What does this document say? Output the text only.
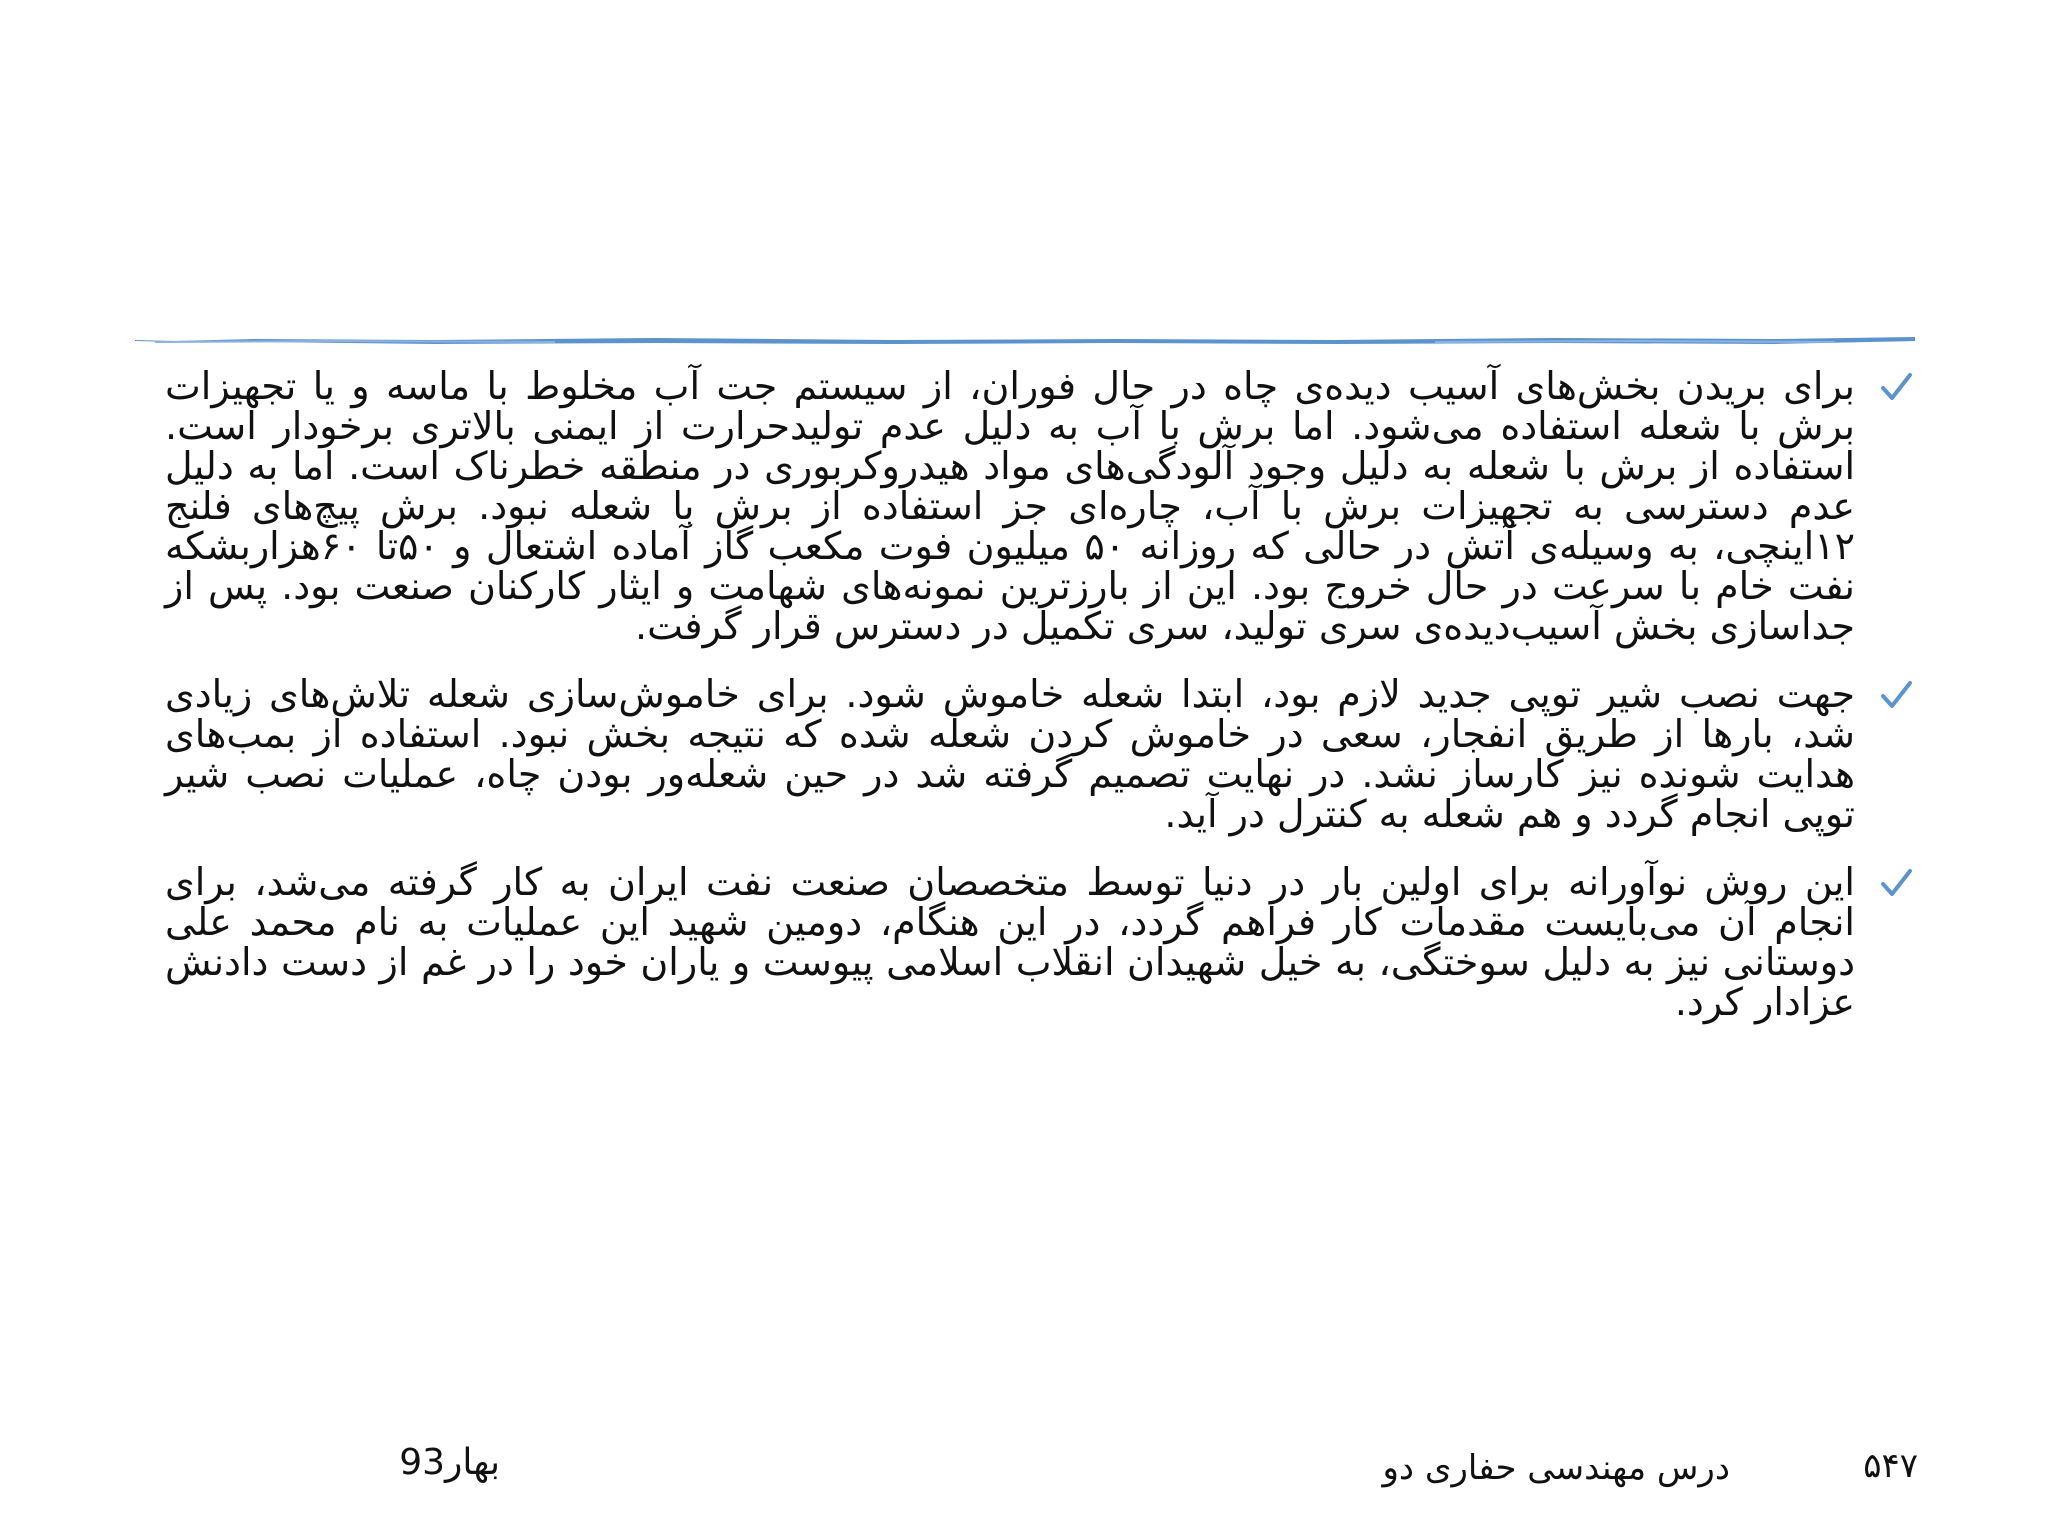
برای بریدن بخش‌های آسیب دیده‌ی چاه در حال فوران، از سیستم جت آب مخلوط با ماسه و یا تجهیزات برش با شعله استفاده می‌شود. اما برش با آب به دلیل عدم تولیدحرارت از ایمنی بالاتری برخودار است. استفاده از برش با شعله به دلیل وجود آلودگی‌های مواد هیدروکربوری در منطقه خطرناک است. اما به دلیل عدم دسترسی به تجهیزات برش با آب، چاره‌ای جز استفاده از برش با شعله نبود. برش پیچ‌های فلنج ۱۲اینچی، به وسیله‌ی آتش در حالی که روزانه ۵۰ میلیون فوت مکعب گاز آماده اشتعال و ۵۰تا ۶۰هزاربشکه نفت خام با سرعت در حال خروج بود. این از بارزترین نمونه‌های شهامت و ایثار کارکنان صنعت بود. پس از جداسازی بخش آسیب‌دیده‌ی سری تولید، سری تکمیل در دسترس قرار گرفت.
جهت نصب شیر توپی جدید لازم بود، ابتدا شعله خاموش شود. برای خاموش‌سازی شعله تلاش‌های زیادی شد، بارها از طریق انفجار، سعی در خاموش کردن شعله شده که نتیجه بخش نبود. استفاده از بمب‌های هدایت شونده نیز کارساز نشد. در نهایت تصمیم گرفته شد در حین شعله‌ور بودن چاه، عملیات نصب شیر توپی انجام گردد و هم شعله به کنترل در آید.
این روش نوآورانه برای اولین بار در دنیا توسط متخصصان صنعت نفت ایران به کار گرفته می‌شد، برای انجام آن می‌بایست مقدمات کار فراهم گردد، در این هنگام، دومین شهید این عملیات به نام محمد علی دوستانی نیز به دلیل سوختگی، به خیل شهیدان انقلاب اسلامی پیوست و یاران خود را در غم از دست دادنش عزادار کرد.
۵۴۷
درس مهندسی حفاری دو
بهار93
